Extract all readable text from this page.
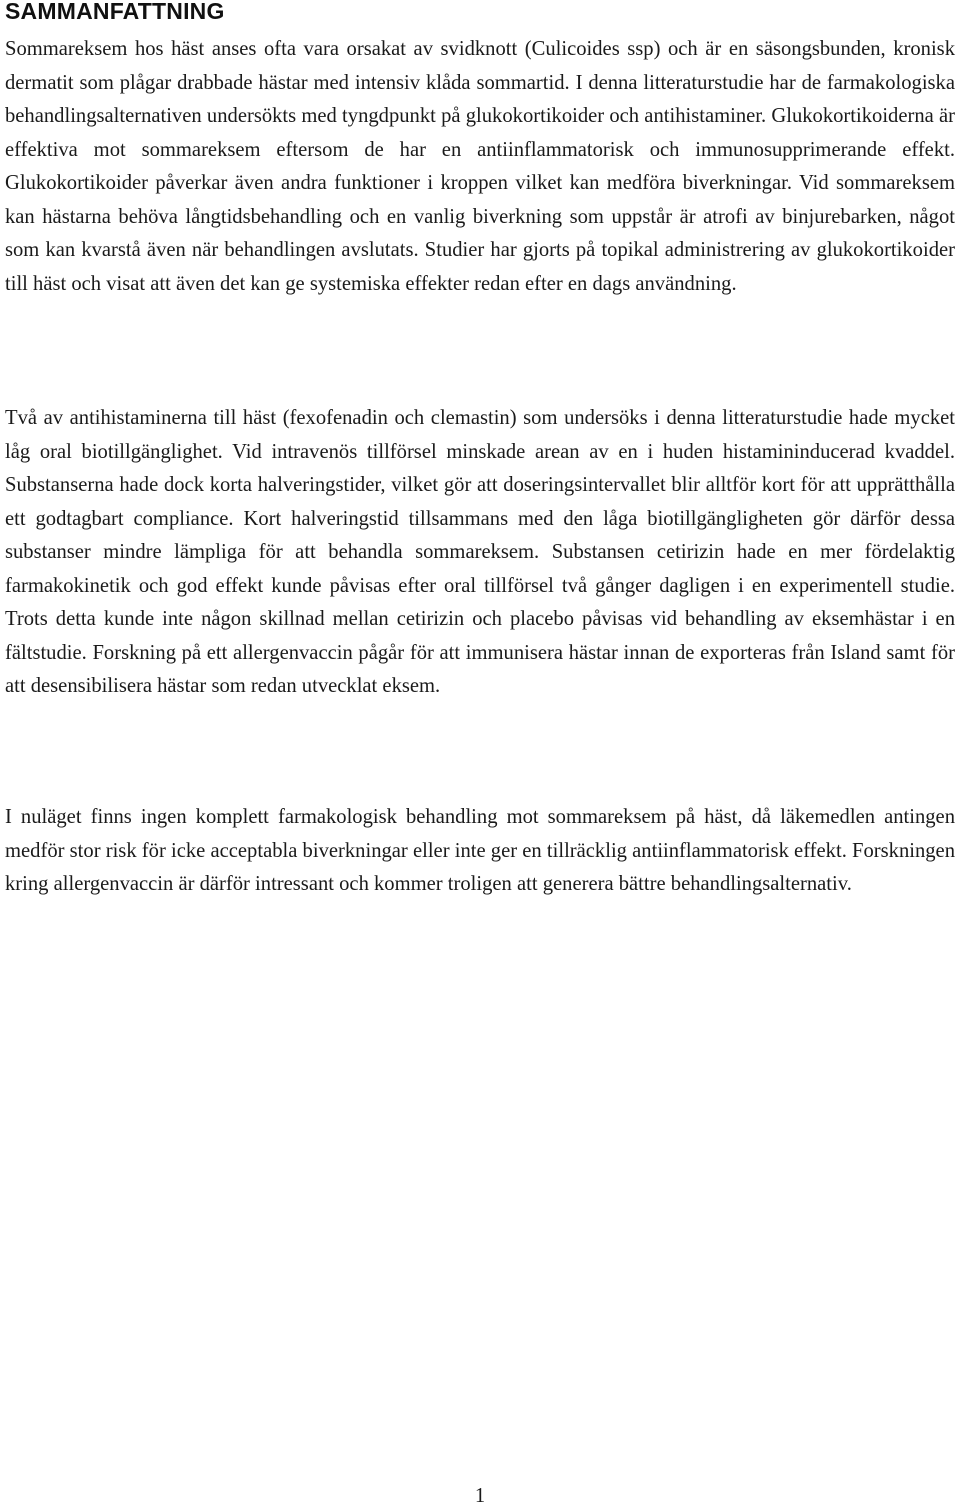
SAMMANFATTNING

Sommareksem hos häst anses ofta vara orsakat av svidknott (Culicoides ssp) och är en säsongsbunden, kronisk dermatit som plågar drabbade hästar med intensiv klåda sommartid. I denna litteraturstudie har de farmakologiska behandlingsalternativen undersökts med tyngdpunkt på glukokortikoider och antihistaminer. Glukokortikoiderna är effektiva mot sommareksem eftersom de har en antiinflammatorisk och immunosupprimerande effekt. Glukokortikoider påverkar även andra funktioner i kroppen vilket kan medföra biverkningar. Vid sommareksem kan hästarna behöva långtidsbehandling och en vanlig biverkning som uppstår är atrofi av binjurebarken, något som kan kvarstå även när behandlingen avslutats. Studier har gjorts på topikal administrering av glukokortikoider till häst och visat att även det kan ge systemiska effekter redan efter en dags användning.

Två av antihistaminerna till häst (fexofenadin och clemastin) som undersöks i denna litteraturstudie hade mycket låg oral biotillgänglighet. Vid intravenös tillförsel minskade arean av en i huden histamininducerad kvaddel. Substanserna hade dock korta halveringstider, vilket gör att doseringsintervallet blir alltför kort för att upprätthålla ett godtagbart compliance. Kort halveringstid tillsammans med den låga biotillgängligheten gör därför dessa substanser mindre lämpliga för att behandla sommareksem. Substansen cetirizin hade en mer fördelaktig farmakokinetik och god effekt kunde påvisas efter oral tillförsel två gånger dagligen i en experimentell studie. Trots detta kunde inte någon skillnad mellan cetirizin och placebo påvisas vid behandling av eksemhästar i en fältstudie. Forskning på ett allergenvaccin pågår för att immunisera hästar innan de exporteras från Island samt för att desensibilisera hästar som redan utvecklat eksem.

I nuläget finns ingen komplett farmakologisk behandling mot sommareksem på häst, då läkemedlen antingen medför stor risk för icke acceptabla biverkningar eller inte ger en tillräcklig antiinflammatorisk effekt. Forskningen kring allergenvaccin är därför intressant och kommer troligen att generera bättre behandlingsalternativ.

1
